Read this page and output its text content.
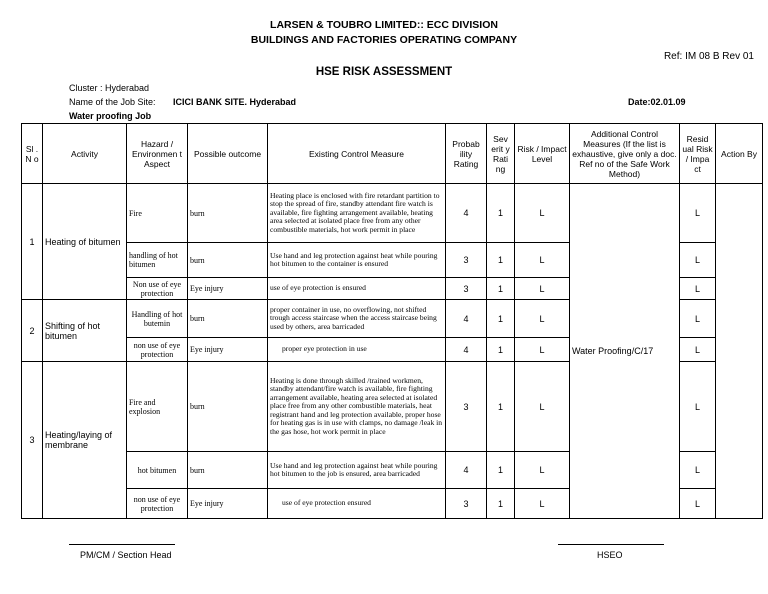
LARSEN & TOUBRO LIMITED:: ECC DIVISION
BUILDINGS AND FACTORIES OPERATING COMPANY
Ref: IM 08 B Rev 01
HSE RISK ASSESSMENT
Cluster : Hyderabad
Name of the Job Site: ICICI BANK SITE. Hyderabad	Date:02.01.09
Water proofing Job
Sl . N o	Activity	Hazard / Environmen t Aspect	Possible outcome	Existing Control Measure	Probab ility Rating	Sev erit y Rati ng	Risk / Impact Level	Additional Control Measures (If the list is exhaustive, give only a doc. Ref no of the Safe Work Method)	Resid ual Risk / Impa ct	Action By
1	Heating of bitumen	Fire	burn	Heating place is enclosed with fire retardant partition to stop the spread of fire, standby attendant fire watch is available, fire fighting arrangement available, heating area selected at isolated place free from any other combustible materials, hot work permit in place	4	1	L	Water Proofing/C/17	L	
		handling of hot bitumen	burn	Use hand and leg protection against heat while pouring hot bitumen to the container is ensured	3	1	L		L	
		Non use of eye protection	Eye injury	use of eye protection is ensured	3	1	L		L	
2	Shifting of hot bitumen	Handling of hot butemin	burn	proper container in use, no overflowing, not shifted trough access staircase when the access staircase being used by others, area barricaded	4	1	L		L	
		non use of eye protection	Eye injury	proper eye protection in use	4	1	L		L	
3	Heating/laying of membrane	Fire and explosion	burn	Heating is done through skilled /trained workmen, standby attendant/fire watch is available, fire fighting arrangement available, heating area selected at isolated place free from any other combustible materials, heat registrant hand and leg protection available, proper hose for heating gas is in use with clamps, no damage /leak in the gas hose, hot work permit in place	3	1	L		L	
		hot bitumen	burn	Use hand and leg protection against heat while pouring hot bitumen to the job is ensured, area barricaded	4	1	L		L	
		non use of eye protection	Eye injury	use of eye protection ensured	3	1	L		L	
PM/CM / Section Head	HSEO
